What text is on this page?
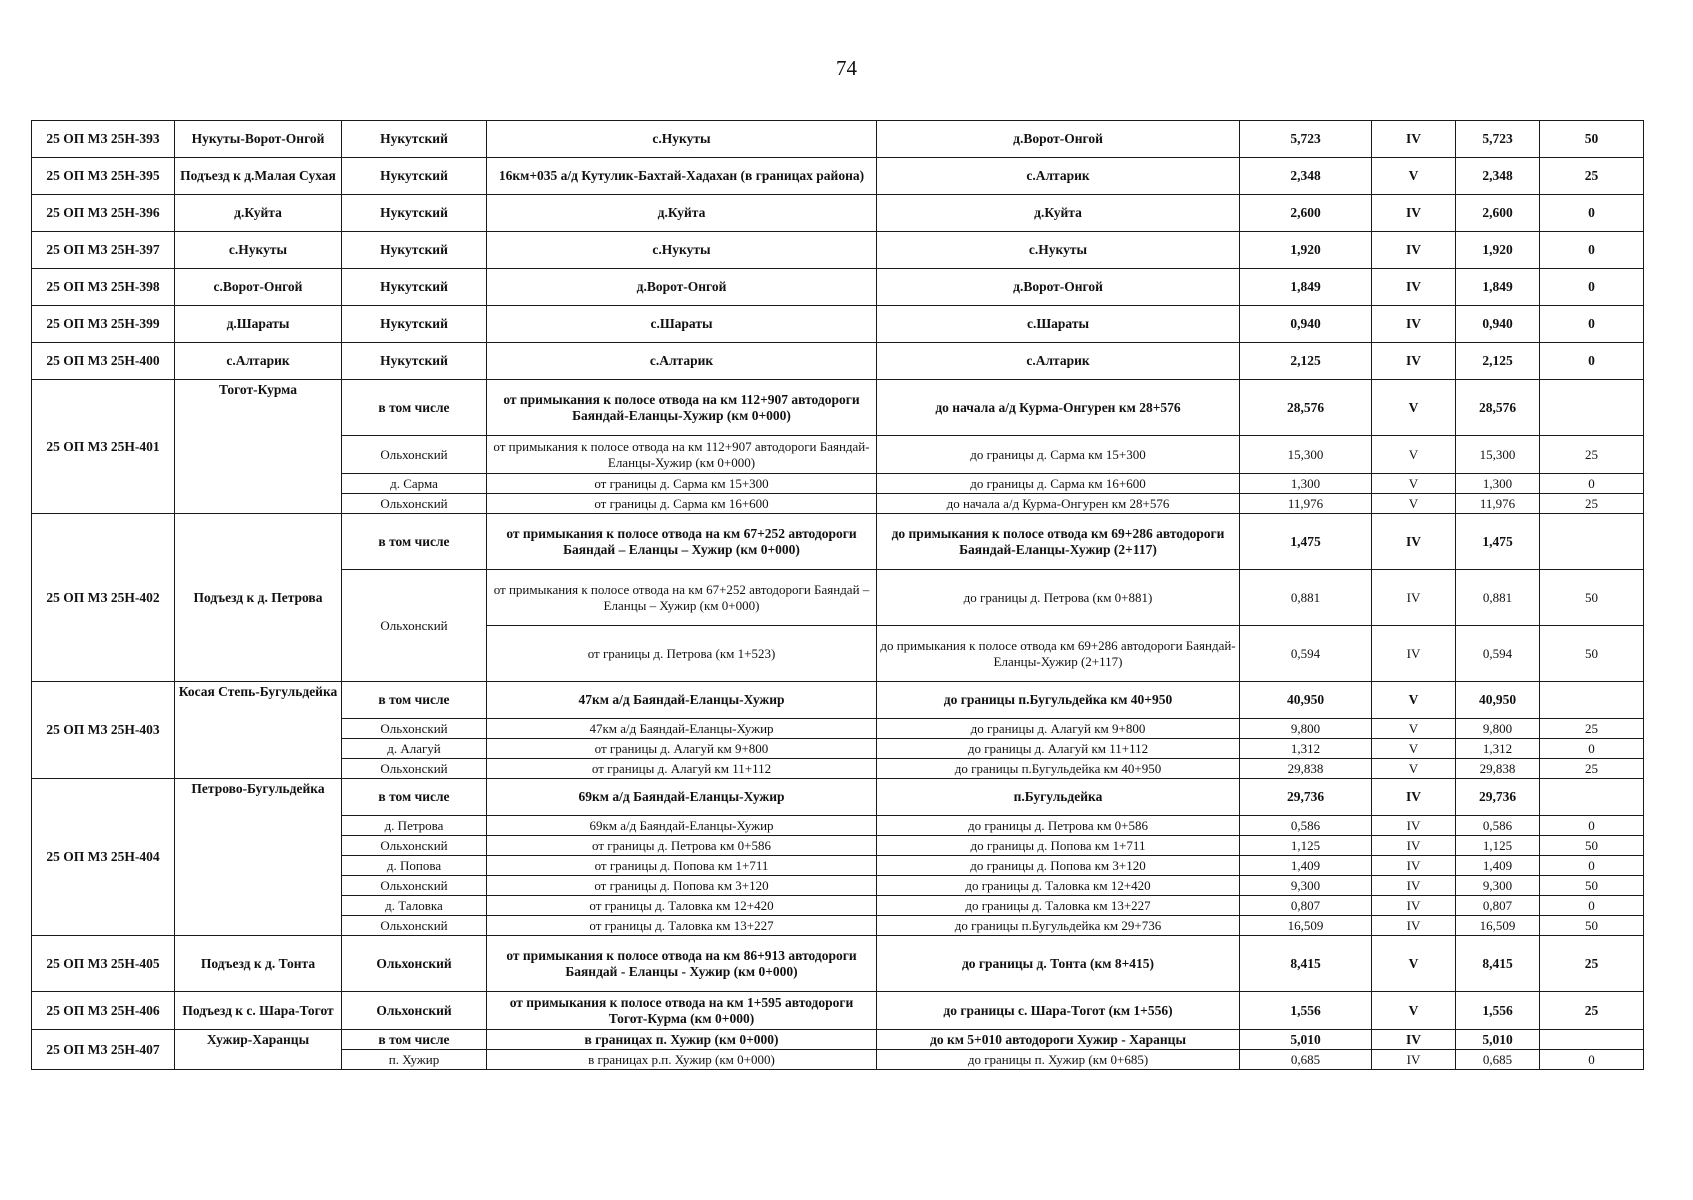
74
25 ОП МЗ 25Н-393	Нукуты-Ворот-Онгой	Нукутский	с.Нукуты	д.Ворот-Онгой	5,723	IV	5,723	50
25 ОП МЗ 25Н-395	Подъезд к д.Малая Сухая	Нукутский	16км+035 а/д Кутулик-Бахтай-Хадахан (в границах района)	с.Алтарик	2,348	V	2,348	25
25 ОП МЗ 25Н-396	д.Куйта	Нукутский	д.Куйта	д.Куйта	2,600	IV	2,600	0
25 ОП МЗ 25Н-397	с.Нукуты	Нукутский	с.Нукуты	с.Нукуты	1,920	IV	1,920	0
25 ОП МЗ 25Н-398	с.Ворот-Онгой	Нукутский	д.Ворот-Онгой	д.Ворот-Онгой	1,849	IV	1,849	0
25 ОП МЗ 25Н-399	д.Шараты	Нукутский	с.Шараты	с.Шараты	0,940	IV	0,940	0
25 ОП МЗ 25Н-400	с.Алтарик	Нукутский	с.Алтарик	с.Алтарик	2,125	IV	2,125	0
25 ОП МЗ 25Н-401	Тогот-Курма	в том числе	от примыкания к полосе отвода на км 112+907 автодороги Баяндай-Еланцы-Хужир (км 0+000)	до начала а/д Курма-Онгурен км 28+576	28,576	V	28,576	
		Ольхонский	от примыкания к полосе отвода на км 112+907 автодороги Баяндай-Еланцы-Хужир (км 0+000)	до границы д. Сарма км 15+300	15,300	V	15,300	25
		д. Сарма	от границы д. Сарма км 15+300	до границы д. Сарма км 16+600	1,300	V	1,300	0
		Ольхонский	от границы д. Сарма км 16+600	до начала а/д Курма-Онгурен км 28+576	11,976	V	11,976	25
25 ОП МЗ 25Н-402	Подъезд к д. Петрова	в том числе	от примыкания к полосе отвода на км 67+252 автодороги Баяндай – Еланцы – Хужир (км 0+000)	до примыкания к полосе отвода км 69+286 автодороги Баяндай-Еланцы-Хужир (2+117)	1,475	IV	1,475	
		Ольхонский	от примыкания к полосе отвода на км 67+252 автодороги Баяндай – Еланцы – Хужир (км 0+000)	до границы д. Петрова (км 0+881)	0,881	IV	0,881	50
			от границы д. Петрова (км 1+523)	до примыкания к полосе отвода км 69+286 автодороги Баяндай-Еланцы-Хужир (2+117)	0,594	IV	0,594	50
25 ОП МЗ 25Н-403	Косая Степь-Бугульдейка	в том числе	47км а/д Баяндай-Еланцы-Хужир	до границы п.Бугульдейка км 40+950	40,950	V	40,950	
		Ольхонский	47км а/д Баяндай-Еланцы-Хужир	до границы д. Алагуй км 9+800	9,800	V	9,800	25
		д. Алагуй	от границы д. Алагуй км 9+800	до границы д. Алагуй км 11+112	1,312	V	1,312	0
		Ольхонский	от границы д. Алагуй км 11+112	до границы п.Бугульдейка км 40+950	29,838	V	29,838	25
25 ОП МЗ 25Н-404	Петрово-Бугульдейка	в том числе	69км а/д Баяндай-Еланцы-Хужир	п.Бугульдейка	29,736	IV	29,736	
		д. Петрова	69км а/д Баяндай-Еланцы-Хужир	до границы д. Петрова км 0+586	0,586	IV	0,586	0
		Ольхонский	от границы д. Петрова км 0+586	до границы д. Попова км 1+711	1,125	IV	1,125	50
		д. Попова	от границы д. Попова км 1+711	до границы д. Попова км 3+120	1,409	IV	1,409	0
		Ольхонский	от границы д. Попова км 3+120	до границы д. Таловка км 12+420	9,300	IV	9,300	50
		д. Таловка	от границы д. Таловка км 12+420	до границы д. Таловка км 13+227	0,807	IV	0,807	0
		Ольхонский	от границы д. Таловка км 13+227	до границы п.Бугульдейка км 29+736	16,509	IV	16,509	50
25 ОП МЗ 25Н-405	Подъезд к д. Тонта	Ольхонский	от примыкания к полосе отвода на км 86+913 автодороги Баяндай - Еланцы - Хужир (км 0+000)	до границы д. Тонта (км 8+415)	8,415	V	8,415	25
25 ОП МЗ 25Н-406	Подъезд к с. Шара-Тогот	Ольхонский	от примыкания к полосе отвода на км 1+595 автодороги Тогот-Курма (км 0+000)	до границы с. Шара-Тогот (км 1+556)	1,556	V	1,556	25
25 ОП МЗ 25Н-407	Хужир-Харанцы	в том числе	в границах п. Хужир (км 0+000)	до км 5+010 автодороги Хужир - Харанцы	5,010	IV	5,010	
		п. Хужир	в границах р.п. Хужир (км 0+000)	до границы п. Хужир (км 0+685)	0,685	IV	0,685	0
